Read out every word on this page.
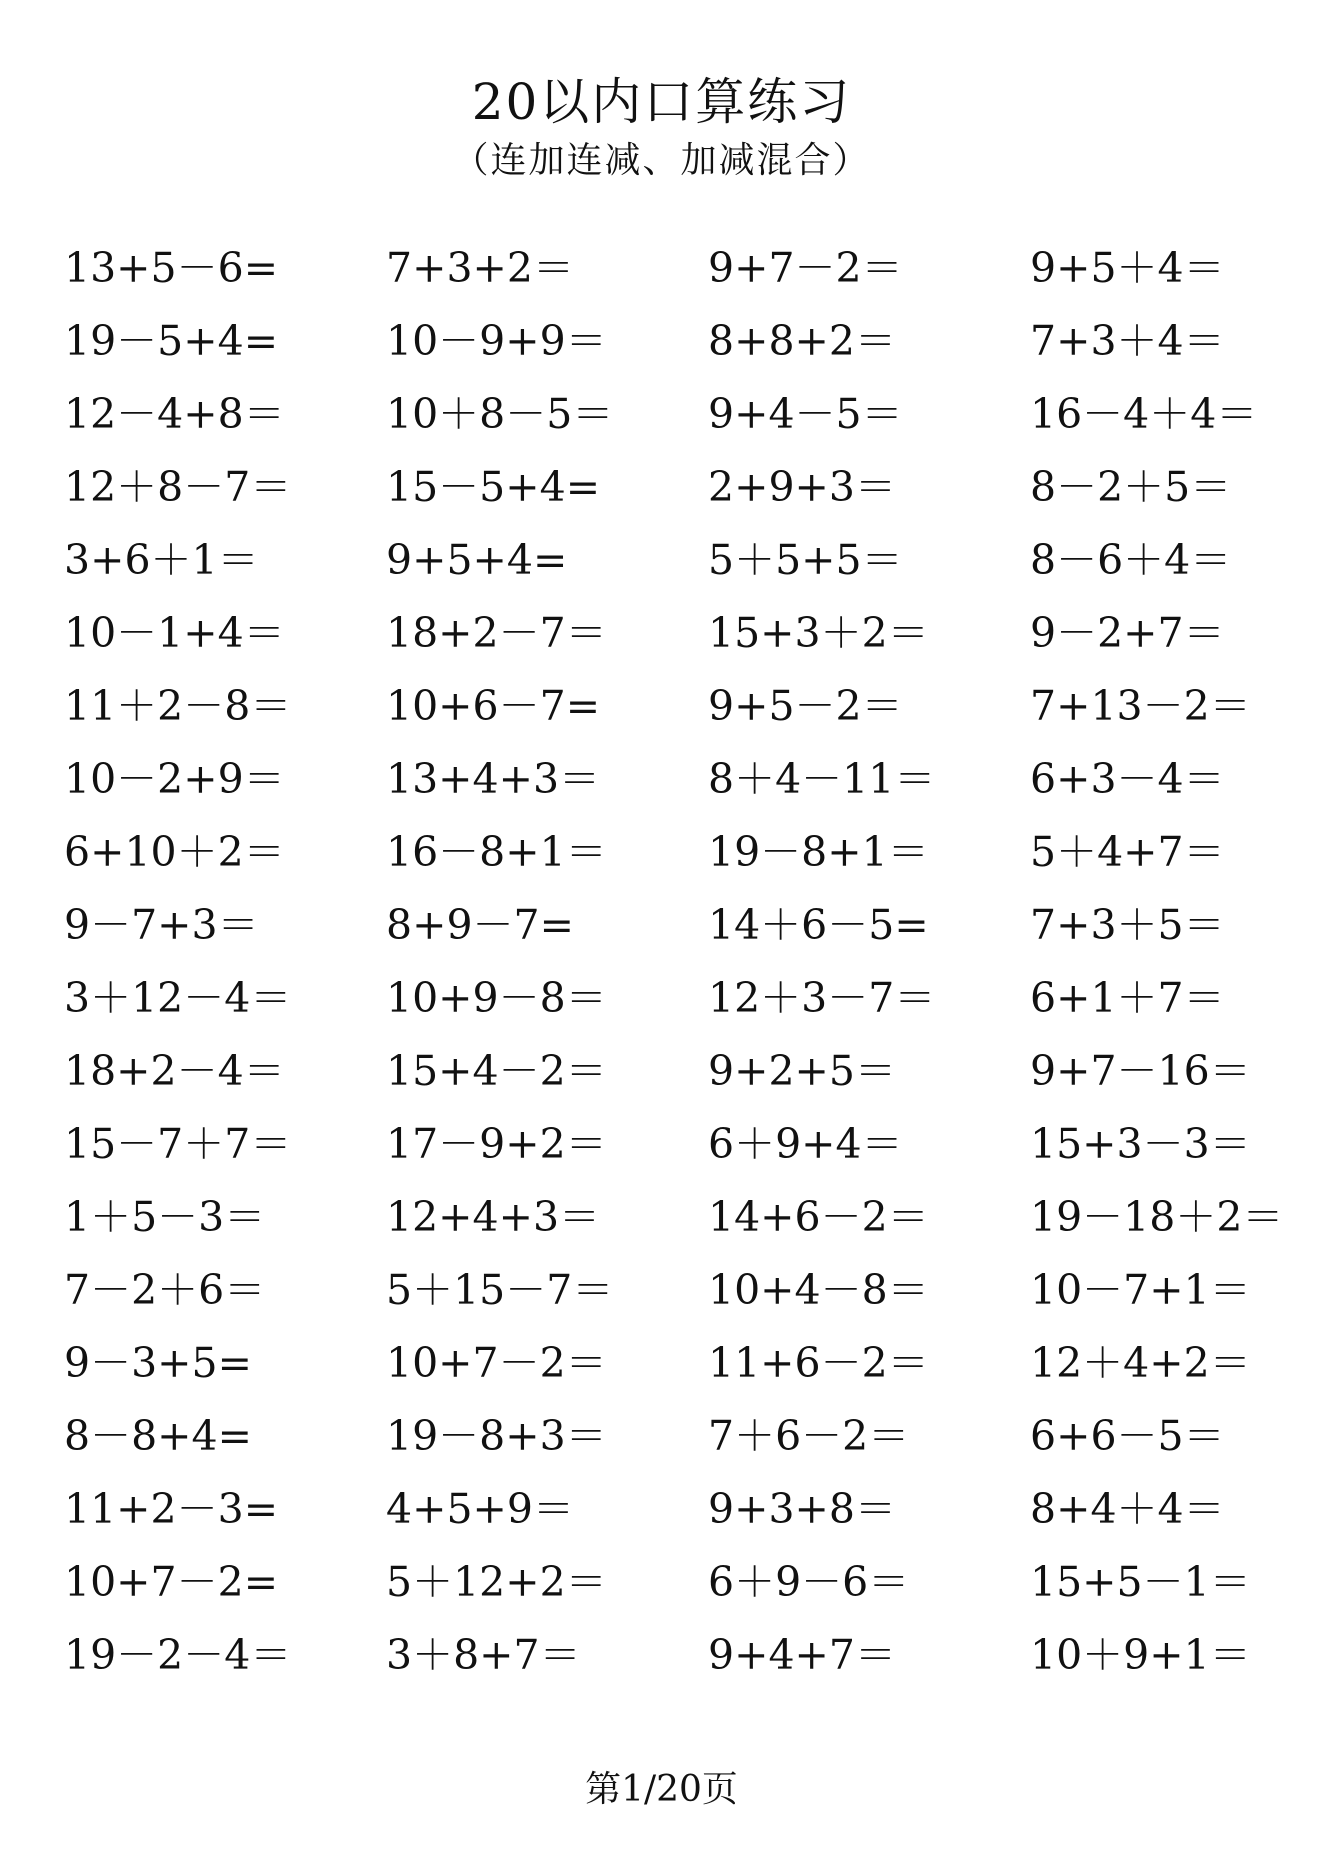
20以内口算练习
（连加连减、加减混合）
13+5－6=	7+3+2＝	9+7－2＝	9+5＋4＝
19－5+4=	10－9+9＝	8+8+2＝	7+3＋4＝
12－4+8＝	10＋8－5＝	9+4－5＝	16－4＋4＝
12＋8－7＝	15－5+4=	2+9+3＝	8－2＋5＝
3+6＋1＝	9+5+4=	5＋5+5＝	8－6＋4＝
10－1+4＝	18+2－7＝	15+3＋2＝	9－2+7＝
11＋2－8＝	10+6－7=	9+5－2＝	7+13－2＝
10－2+9＝	13+4+3＝	8＋4－11＝	6+3－4＝
6+10＋2＝	16－8+1＝	19－8+1＝	5＋4+7＝
9－7+3＝	8+9－7=	14＋6－5=	7+3＋5＝
3＋12－4＝	10+9－8＝	12＋3－7＝	6+1＋7＝
18+2－4＝	15+4－2＝	9+2+5＝	9+7－16＝
15－7＋7＝	17－9+2＝	6＋9+4＝	15+3－3＝
1＋5－3＝	12+4+3＝	14+6－2＝	19－18＋2＝
7－2＋6＝	5＋15－7＝	10+4－8＝	10－7+1＝
9－3+5=	10+7－2＝	11+6－2＝	12＋4+2＝
8－8+4=	19－8+3＝	7＋6－2＝	6+6－5＝
11+2－3=	4+5+9＝	9+3+8＝	8+4＋4＝
10+7－2=	5＋12+2＝	6＋9－6＝	15+5－1＝
19－2－4＝	3＋8+7＝	9+4+7＝	10＋9+1＝
第1/20页
